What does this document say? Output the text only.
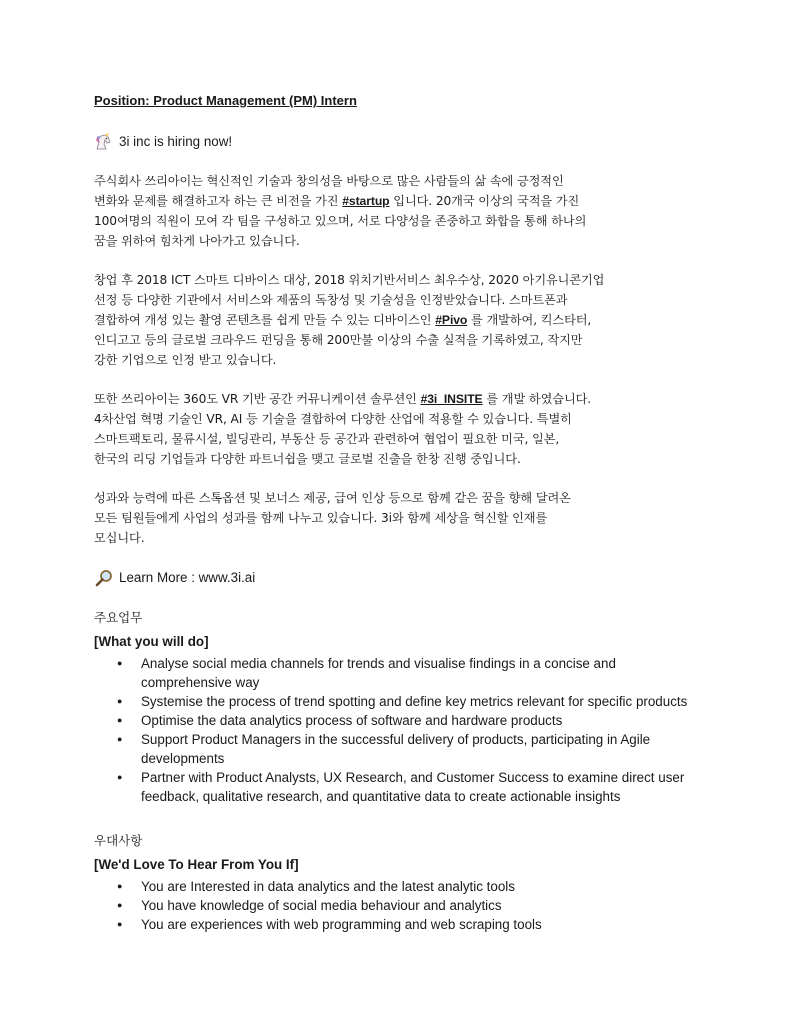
Position: Product Management (PM) Intern

3i inc is hiring now!
주식회사 쓰리아이는 혁신적인 기술과 창의성을 바탕으로 많은 사람들의 삶 속에 긍정적인
변화와 문제를 해결하고자 하는 큰 비전을 가진 #startup 입니다. 20개국 이상의 국적을 가진
100여명의 직원이 모여 각 팀을 구성하고 있으며, 서로 다양성을 존중하고 화합을 통해 하나의
꿈을 위하여 힘차게 나아가고 있습니다.
창업 후 2018 ICT 스마트 디바이스 대상, 2018 위치기반서비스 최우수상, 2020 아기유니콘기업
선정 등 다양한 기관에서 서비스와 제품의 독창성 및 기술성을 인정받았습니다. 스마트폰과
결합하여 개성 있는 촬영 콘텐츠를 쉽게 만들 수 있는 디바이스인 #Pivo 를 개발하여, 킥스타터,
인디고고 등의 글로벌 크라우드 펀딩을 통해 200만불 이상의 수출 실적을 기록하였고, 작지만
강한 기업으로 인정 받고 있습니다.
또한 쓰리아이는 360도 VR 기반 공간 커뮤니케이션 솔루션인 #3i_INSITE 를 개발 하였습니다.
4차산업 혁명 기술인 VR, AI 등 기술을 결합하여 다양한 산업에 적용할 수 있습니다. 특별히
스마트팩토리, 물류시설, 빌딩관리, 부동산 등 공간과 관련하여 협업이 필요한 미국, 일본,
한국의 리딩 기업들과 다양한 파트너쉽을 맺고 글로벌 진출을 한창 진행 중입니다.
성과와 능력에 따른 스톡옵션 및 보너스 제공, 급여 인상 등으로 함께 같은 꿈을 향해 달려온
모든 팀원들에게 사업의 성과를 함께 나누고 있습니다. 3i와 함께 세상을 혁신할 인재를
모십니다.
Learn More : www.3i.ai
주요업무
[What you will do]
● Analyse social media channels for trends and visualise findings in a concise and
comprehensive way
● Systemise the process of trend spotting and define key metrics relevant for specific products
● Optimise the data analytics process of software and hardware products
● Support Product Managers in the successful delivery of products, participating in Agile
developments
● Partner with Product Analysts, UX Research, and Customer Success to examine direct user
feedback, qualitative research, and quantitative data to create actionable insights
우대사항
[We'd Love To Hear From You If]
● You are Interested in data analytics and the latest analytic tools
● You have knowledge of social media behaviour and analytics
● You are experiences with web programming and web scraping tools
